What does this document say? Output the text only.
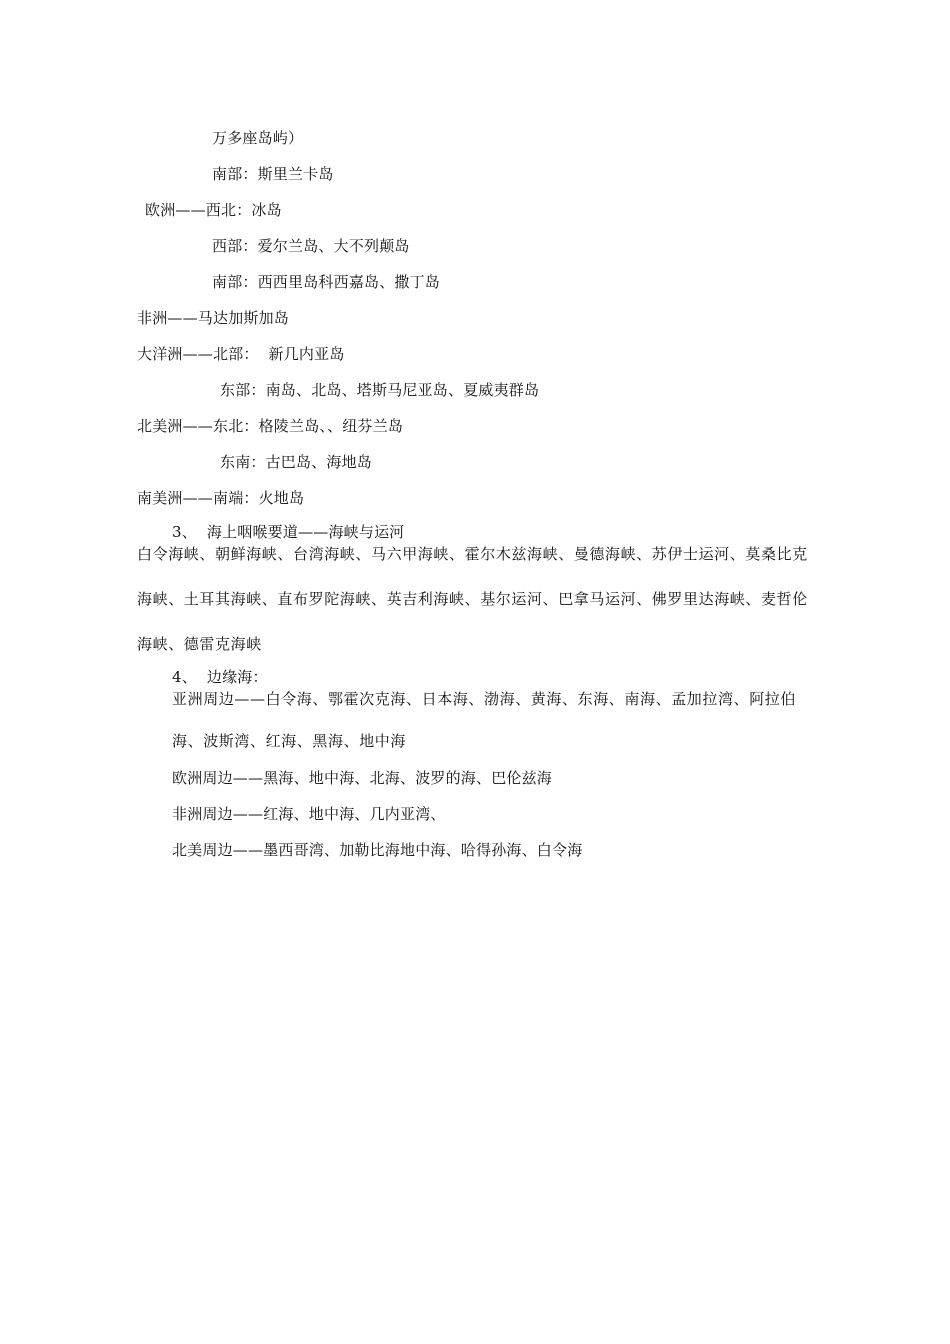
万多座岛屿）
南部：斯里兰卡岛
欧洲——西北：冰岛
西部：爱尔兰岛、大不列颠岛
南部：西西里岛科西嘉岛、撒丁岛
非洲——马达加斯加岛
大洋洲——北部：  新几内亚岛
东部：南岛、北岛、塔斯马尼亚岛、夏威夷群岛
北美洲——东北：格陵兰岛、、纽芬兰岛
东南：古巴岛、海地岛
南美洲——南端：火地岛
3、  海上咽喉要道——海峡与运河
白令海峡、朝鲜海峡、台湾海峡、马六甲海峡、霍尔木兹海峡、曼德海峡、苏伊士运河、莫桑比克海峡、土耳其海峡、直布罗陀海峡、英吉利海峡、基尔运河、巴拿马运河、佛罗里达海峡、麦哲伦海峡、德雷克海峡
4、  边缘海：
亚洲周边——白令海、鄂霍次克海、日本海、渤海、黄海、东海、南海、孟加拉湾、阿拉伯海、波斯湾、红海、黑海、地中海
欧洲周边——黑海、地中海、北海、波罗的海、巴伦兹海
非洲周边——红海、地中海、几内亚湾、
北美周边——墨西哥湾、加勒比海地中海、哈得孙海、白令海
